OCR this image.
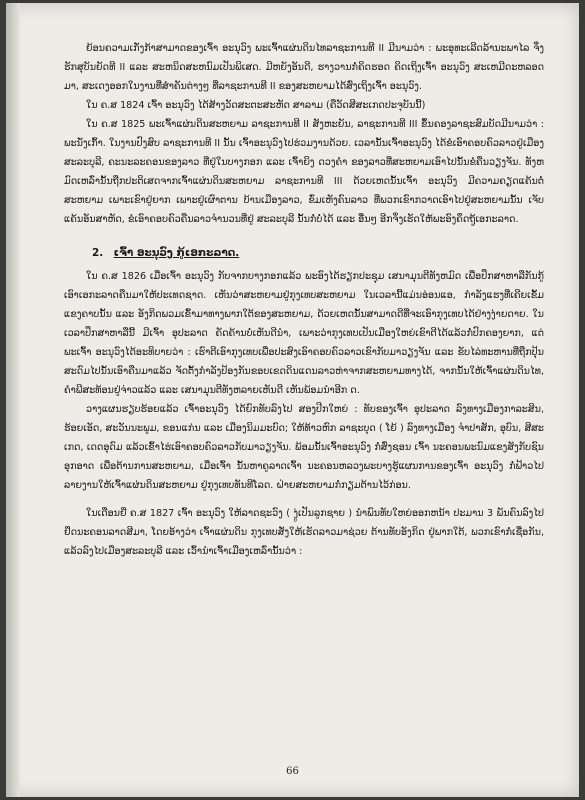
ຍ້ອນຄວາມເກັ່ງກ້າສາມາດຂອງເຈົ້າ ອະນຸວົງ ພະເຈົ້າແຜ່ນດິນໄທລາຊະການທີ II ມີນາມວ່າ : ພະອຸທະເລີດລ້ານະພາໄລ ຈຶ່ງຮັກສຸບັນຍັດທີ II ແລະ ສະຫນິດສະຫນົມເປັນພິເສດ. ມີຫຍັງອັນດີ, ຮາງວານກໍ່ຄິດຮອດ ຄິດເຖິງເຈົ້າ ອະນຸວົງ ສະເຫມີດະຫລອດມາ, ສະເດງອອກໃນງານທີ່ສຳຄັນຕ່າງໆ ທີ່ລາຊະການທີ II ຂອງສະຫຍາມໄດ້ສົ່ງເຖິງເຈົ້າ ອະນຸວົງ.

ໃນ ຄ.ສ 1824 ເຈົ້າ ອະນຸວົງ ໄດ້ສ້າງວັດສະຕະສະຫັດ ສາລາມ (ຄືວັດສີສະເກດປະຈຸບັນນີ້)

ໃນ ຄ.ສ 1825 ພະເຈົ້າແຜ່ນດິນສະຫຍາມ ລາຊະການທີ II ສັງຫະຍັນ, ລາຊະການທີ III ຂຶ້ນຄອງລາຊະສົມບັດມີນາມວ່າ : ພະນັ່ງເກົ້າ. ໃນງານປົງສົບ ລາຊະການທີ II ນັ້ນ ເຈົ້າອະນຸວົງໄປຮ່ວມງານດ້ວຍ. ເວລານັ້ນເຈົ້າອະນຸວົງ ໄດ້ຂໍເອົາຄອບຄົວລາວຢູ່ເມືອງ ສະລະບຸລີ, ຄະນະລະຄອນຂອງລາວ ທີ່ຢູ່ໃນບາງກອກ ແລະ ເຈົ້າຍິງ ດວງຄຳ ຂອງລາວທີ່ສະຫຍາມເອົາໄປນັ້ນຂໍຄືນວຽງຈັນ. ທັງຫມົດເຫລົ່ານັ້ນຖືກປະຕິເສດຈາກເຈົ້າແຜ່ນດິນສະຫຍາມ ລາຊະການທີ III ດ້ວຍເຫດນັ້ນເຈົ້າ ອະນຸວົງ ມີຄວາມຄຽດແຄ້ນຕໍ່ສະຫຍາມ ເພາະເຂົາຢູ່ຍາກ ເພາະຢູ່ເຜົາຕານ ບ້ານເມືອງລາວ, ຂົ່ມເຫັງຄົນລາວ ທີ່ພວກເຂົາກວາດເອົາໄປຢູ່ສະຫຍາມນັ້ນ ເຈັບແຄ້ນອັນສາຫັດ, ຂໍເອົາຄອບຄົວຄືນລາວຈຳນວນທີ່ຢູ່ ສະລະບຸລີ ນັ້ນກໍ່ບໍ່ໄດ້ ແລະ ອື່ນໆ ອີກຈຶ່ງເຮັດໃຫ້ພະອົງຄຶດຖູ້ເອກະລາດ.

2. ເຈົ້າ ອະນຸວົງ ກູ້ເອກະລາດ.

ໃນ ຄ.ສ 1826 ເມື່ອເຈົ້າ ອະນຸວົງ ກັບຈາກບາງກອກແລ້ວ ພະອົງໄດ້ຮຽກປະຊຸມ ເສນາມຸນຕີທັງຫມົດ ເພື່ອປຶກສາຫາລືກັນກູ້ເອົາເອກະລາດຄືນມາໃຫ້ປະເທດຊາດ. ເຫັນວ່າສະຫຍາມຢູ່ກຸງເທບສະຫຍາມ ໃນເວລານີ້ແມ່ນອ່ອນແອ, ກຳລັງແຮງທີ່ເຄີຍເຂັ້ມແຂງຄາບນັ້ນ ແລະ ອັງກິດພວມເຂົ້າມາທາງພາກໃຕ້ຂອງສະຫຍາມ, ດ້ວຍເຫດນັ້ນສາມາດດີທີ່ຈະເອົາກຸງເທບໄດ້ຢ່າງງ່າຍດາຍ. ໃນເວລາປຶກສາຫາລືນີ້ ມີເຈົ້າ ອຸປະລາດ ຄັດຄ້ານບໍ່ເຫັນດີນຳ, ເພາະວ່າກຸງເທບເປັນເມືອງໃຫຍ່ເຂົາຕີໄດ້ແລ້ວກໍ່ປົກຄອງຍາກ, ແຕ່ພະເຈົ້າ ອະນຸວົງໄດ້ອະທິບາຍວ່າ : ເຮົາຕີເອົາກຸງເທບເພື່ອປະສົງເອົາຄອບຄົວລາວເຂົາກັບມາວຽງຈັນ ແລະ ຂັບໄລ່ທະຫານທີ່ຖືກປຸ້ນສະດົມໄປນັ້ນເອົາຄືນມາແລ້ວ ຈັດຕັ້ງກຳລັງປ້ອງກັນຂອບເຂດດິນແດນລາວຫ່າຈາກສະຫຍາມທາງໄດ້, ຈາກນັ້ນໃຫ້ເຈົ້າແຜ່ນດິນໄທ, ຄຳພີສະທ້ອນຢູ່ຈ່າວແລ້ວ ແລະ ເສນາມຸນຕີທັງຫລາຍເຫັນດີ ເຫັນພ້ອມນຳອີກ ດ.

ວາງແຜນຮຽບຮ້ອຍແລ້ວ ເຈົ້າອະນຸວົງ ໄດ້ຍົກທັບລົງໄປ ສອງປີກໃຫຍ່ : ທັບຂອງເຈົ້າ ອຸປະລາດ ລົງທາງເມືອງກາລະສິນ, ຮ້ອຍເອັດ, ສະວັນນະພູມ, ຂອນແກ່ນ ແລະ ເມືອງນິມມະບົດ; ໃຫ້ທ້າວຫົກ ລາຊະບຸດ ( ໂຍ້ ) ລົງທາງເມືອງ ຈຳປາສັກ, ອຸບົນ, ສີສະເກດ, ເດດອຸດົມ ແລ້ວເຂົ້າໄຮ່ເອົາຄອບຄົວລາວກັບມາວຽງຈັນ. ພ້ອມນັ້ນເຈົ້າອະນຸວົງ ກໍ່ສົ່ງຊອນ ເຈົ້າ ນະຄອນພະນົມແຂງສັງກັບຊົນອຸກອາດ ເພື່ອຕ້ານການສະຫຍາມ, ເມື່ອເຈົ້າ ນັ້ນຫາຄູລາດເຈົ້າ ນະຄອນຫລວງພະບາງຮູ້ແຜນການຂອງເຈົ້າ ອະນຸວົງ ກໍ່ຟ້າວໄປລາຍງານໃຫ້ເຈົ້າແຜ່ນດິນສະຫຍາມ ຢູ່ກຸງເທບທັນທີໂລດ. ຝ່າຍສະຫຍາມກໍ່ກຽມຕ້ານໄວ້ກ່ອນ.

ໃນເດືອນຍີ່ ຄ.ສ 1827 ເຈົ້າ ອະນຸວົງ ໃຫ້ລາດຊະວົງ ( ງູ່ເປັນລູກຊາຍ ) ນຳພົນທັບໃຫຍ່ອອກຫນ້າ ປະມານ 3 ພັນຄົນລົງໄປຢຶດນະຄອນລາດສີມາ, ໂດຍອ້າງວ່າ ເຈົ້າແຜ່ນດິນ ກຸງເທບສັ່ງໃຫ້ເຮັດລາວມາຊ່ວຍ ຕ້ານທັບອັງກິດ ຢູ່ພາກໃຕ້, ພວກເຂົາກໍ່ເຊື່ອກັນ, ແລ້ວລົງໄປເມືອງສະລະບຸລີ ແລະ ເວົ້ານຳເຈົ້າເມືອງເຫລົ່ານັ້ນວ່າ :

66
